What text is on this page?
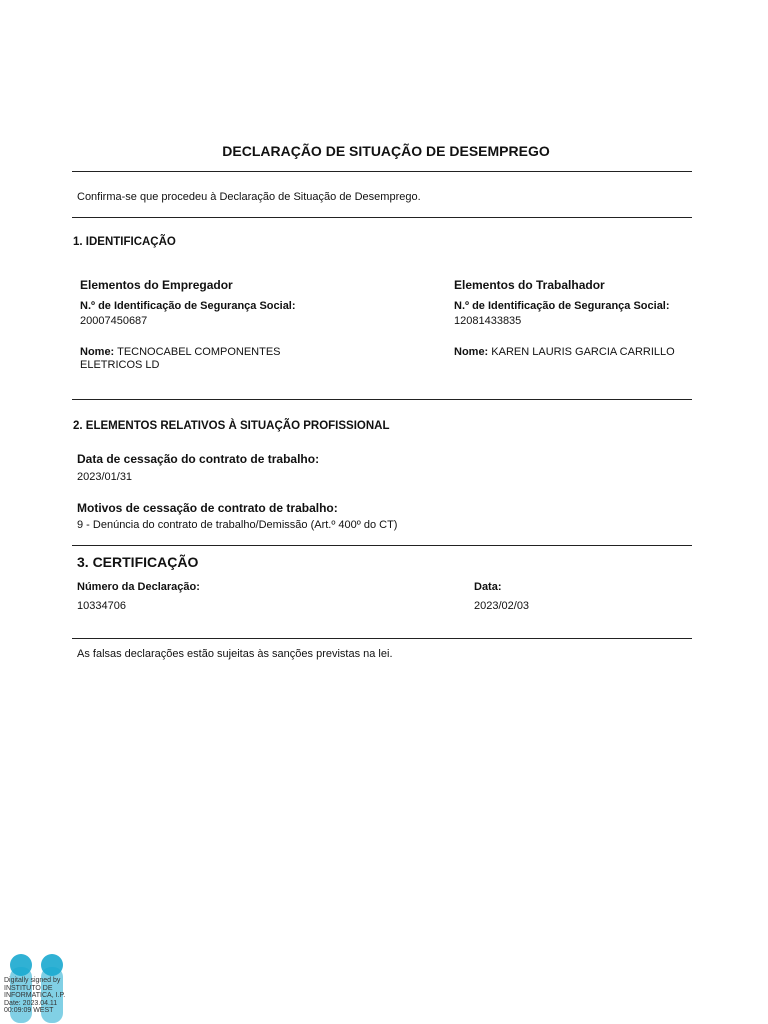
DECLARAÇÃO DE SITUAÇÃO DE DESEMPREGO
Confirma-se que procedeu à Declaração de Situação de Desemprego.
1. IDENTIFICAÇÃO
Elementos do Empregador
N.º de Identificação de Segurança Social:
20007450687
Nome: TECNOCABEL COMPONENTES
ELETRICOS LD
Elementos do Trabalhador
N.º de Identificação de Segurança Social:
12081433835
Nome: KAREN LAURIS GARCIA CARRILLO
2. ELEMENTOS RELATIVOS À SITUAÇÃO PROFISSIONAL
Data de cessação do contrato de trabalho:
2023/01/31
Motivos de cessação de contrato de trabalho:
9 - Denúncia do contrato de trabalho/Demissão (Art.º 400º do CT)
3. CERTIFICAÇÃO
Número da Declaração:
10334706
Data:
2023/02/03
As falsas declarações estão sujeitas às sanções previstas na lei.
Digitally signed by
INSTITUTO DE
INFORMATICA, I.P.
Date: 2023.04.11
00:09:09 WEST
